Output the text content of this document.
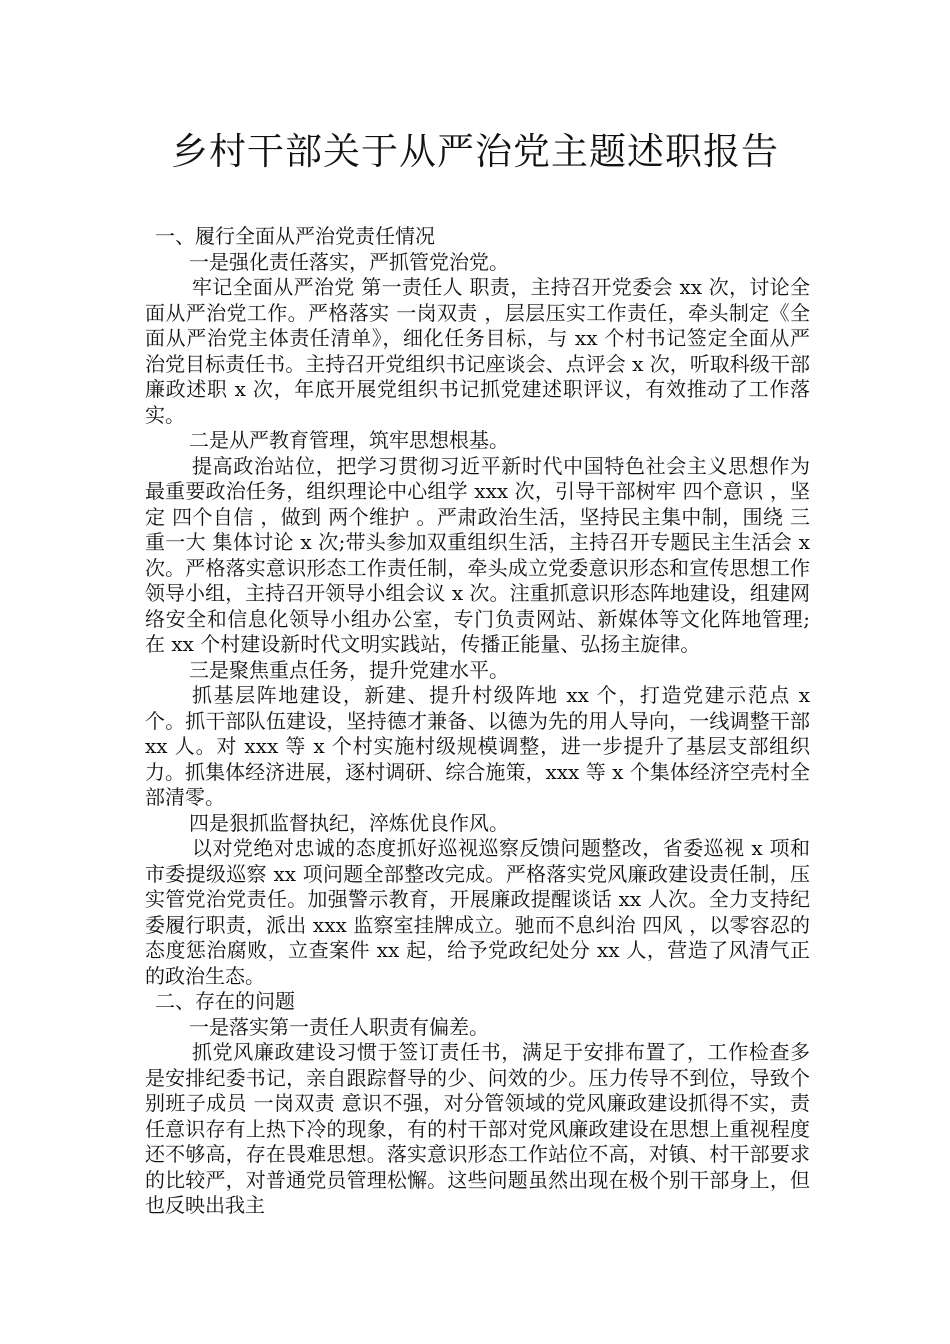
乡村干部关于从严治党主题述职报告

一、履行全面从严治党责任情况

一是强化责任落实，严抓管党治党。

牢记全面从严治党 第一责任人 职责，主持召开党委会 xx 次，讨论全面从严治党工作。严格落实 一岗双责 ，层层压实工作责任，牵头制定《全面从严治党主体责任清单》，细化任务目标，与 xx 个村书记签定全面从严治党目标责任书。主持召开党组织书记座谈会、点评会 x 次，听取科级干部廉政述职 x 次，年底开展党组织书记抓党建述职评议，有效推动了工作落实。

二是从严教育管理，筑牢思想根基。

提高政治站位，把学习贯彻习近平新时代中国特色社会主义思想作为最重要政治任务，组织理论中心组学 xxx 次，引导干部树牢 四个意识 ，坚定 四个自信 ，做到 两个维护 。严肃政治生活，坚持民主集中制，围绕 三重一大 集体讨论 x 次;带头参加双重组织生活，主持召开专题民主生活会 x 次。严格落实意识形态工作责任制，牵头成立党委意识形态和宣传思想工作领导小组，主持召开领导小组会议 x 次。注重抓意识形态阵地建设，组建网络安全和信息化领导小组办公室，专门负责网站、新媒体等文化阵地管理;在 xx 个村建设新时代文明实践站，传播正能量、弘扬主旋律。

三是聚焦重点任务，提升党建水平。

抓基层阵地建设，新建、提升村级阵地 xx 个，打造党建示范点 x 个。抓干部队伍建设，坚持德才兼备、以德为先的用人导向，一线调整干部 xx 人。对 xxx 等 x 个村实施村级规模调整，进一步提升了基层支部组织力。抓集体经济进展，逐村调研、综合施策，xxx 等 x 个集体经济空壳村全部清零。

四是狠抓监督执纪，淬炼优良作风。

以对党绝对忠诚的态度抓好巡视巡察反馈问题整改，省委巡视 x 项和市委提级巡察 xx 项问题全部整改完成。严格落实党风廉政建设责任制，压实管党治党责任。加强警示教育，开展廉政提醒谈话 xx 人次。全力支持纪委履行职责，派出 xxx 监察室挂牌成立。驰而不息纠治 四风 ，以零容忍的态度惩治腐败，立查案件 xx 起，给予党政纪处分 xx 人，营造了风清气正的政治生态。

二、存在的问题

一是落实第一责任人职责有偏差。

抓党风廉政建设习惯于签订责任书，满足于安排布置了，工作检查多是安排纪委书记，亲自跟踪督导的少、问效的少。压力传导不到位，导致个别班子成员 一岗双责 意识不强，对分管领域的党风廉政建设抓得不实，责任意识存有上热下冷的现象，有的村干部对党风廉政建设在思想上重视程度还不够高，存在畏难思想。落实意识形态工作站位不高，对镇、村干部要求的比较严，对普通党员管理松懈。这些问题虽然出现在极个别干部身上，但也反映出我主
